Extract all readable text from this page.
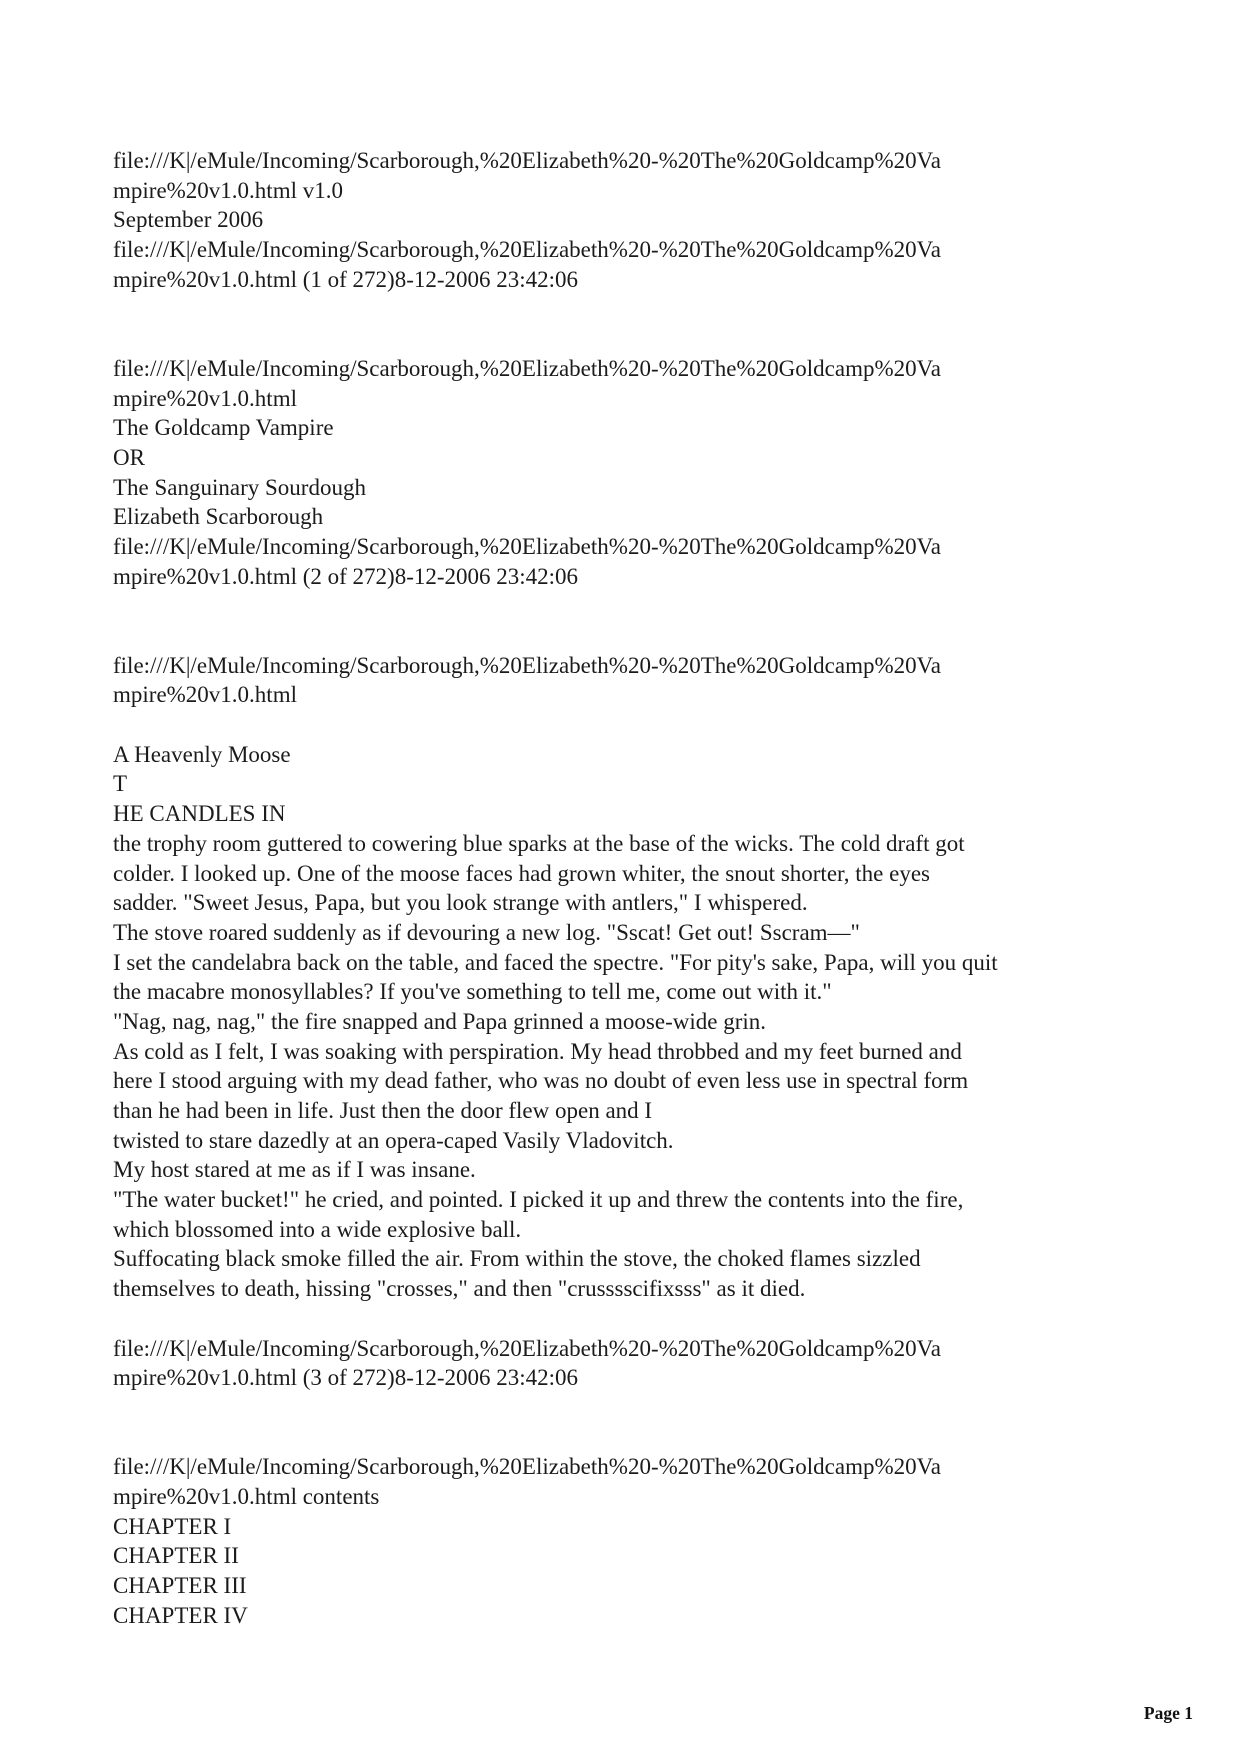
file:///K|/eMule/Incoming/Scarborough,%20Elizabeth%20-%20The%20Goldcamp%20Va
mpire%20v1.0.html v1.0
September 2006
file:///K|/eMule/Incoming/Scarborough,%20Elizabeth%20-%20The%20Goldcamp%20Va
mpire%20v1.0.html (1 of 272)8-12-2006 23:42:06

file:///K|/eMule/Incoming/Scarborough,%20Elizabeth%20-%20The%20Goldcamp%20Va
mpire%20v1.0.html
The Goldcamp Vampire
OR
The Sanguinary Sourdough
Elizabeth Scarborough
file:///K|/eMule/Incoming/Scarborough,%20Elizabeth%20-%20The%20Goldcamp%20Va
mpire%20v1.0.html (2 of 272)8-12-2006 23:42:06

file:///K|/eMule/Incoming/Scarborough,%20Elizabeth%20-%20The%20Goldcamp%20Va
mpire%20v1.0.html

A Heavenly Moose
T
HE CANDLES IN
the trophy room guttered to cowering blue sparks at the base of the wicks. The cold draft got
colder. I looked up. One of the moose faces had grown whiter, the snout shorter, the eyes
sadder. "Sweet Jesus, Papa, but you look strange with antlers," I whispered.
The stove roared suddenly as if devouring a new log. "Sscat! Get out! Sscram—"
I set the candelabra back on the table, and faced the spectre. "For pity's sake, Papa, will you quit
the macabre monosyllables? If you've something to tell me, come out with it."
"Nag, nag, nag," the fire snapped and Papa grinned a moose-wide grin.
As cold as I felt, I was soaking with perspiration. My head throbbed and my feet burned and
here I stood arguing with my dead father, who was no doubt of even less use in spectral form
than he had been in life. Just then the door flew open and I
twisted to stare dazedly at an opera-caped Vasily Vladovitch.
My host stared at me as if I was insane.
"The water bucket!" he cried, and pointed. I picked it up and threw the contents into the fire,
which blossomed into a wide explosive ball.
Suffocating black smoke filled the air. From within the stove, the choked flames sizzled
themselves to death, hissing "crosses," and then "crusssscifixsss" as it died.

file:///K|/eMule/Incoming/Scarborough,%20Elizabeth%20-%20The%20Goldcamp%20Va
mpire%20v1.0.html (3 of 272)8-12-2006 23:42:06

file:///K|/eMule/Incoming/Scarborough,%20Elizabeth%20-%20The%20Goldcamp%20Va
mpire%20v1.0.html contents
CHAPTER I
CHAPTER II
CHAPTER III
CHAPTER IV
Page 1
